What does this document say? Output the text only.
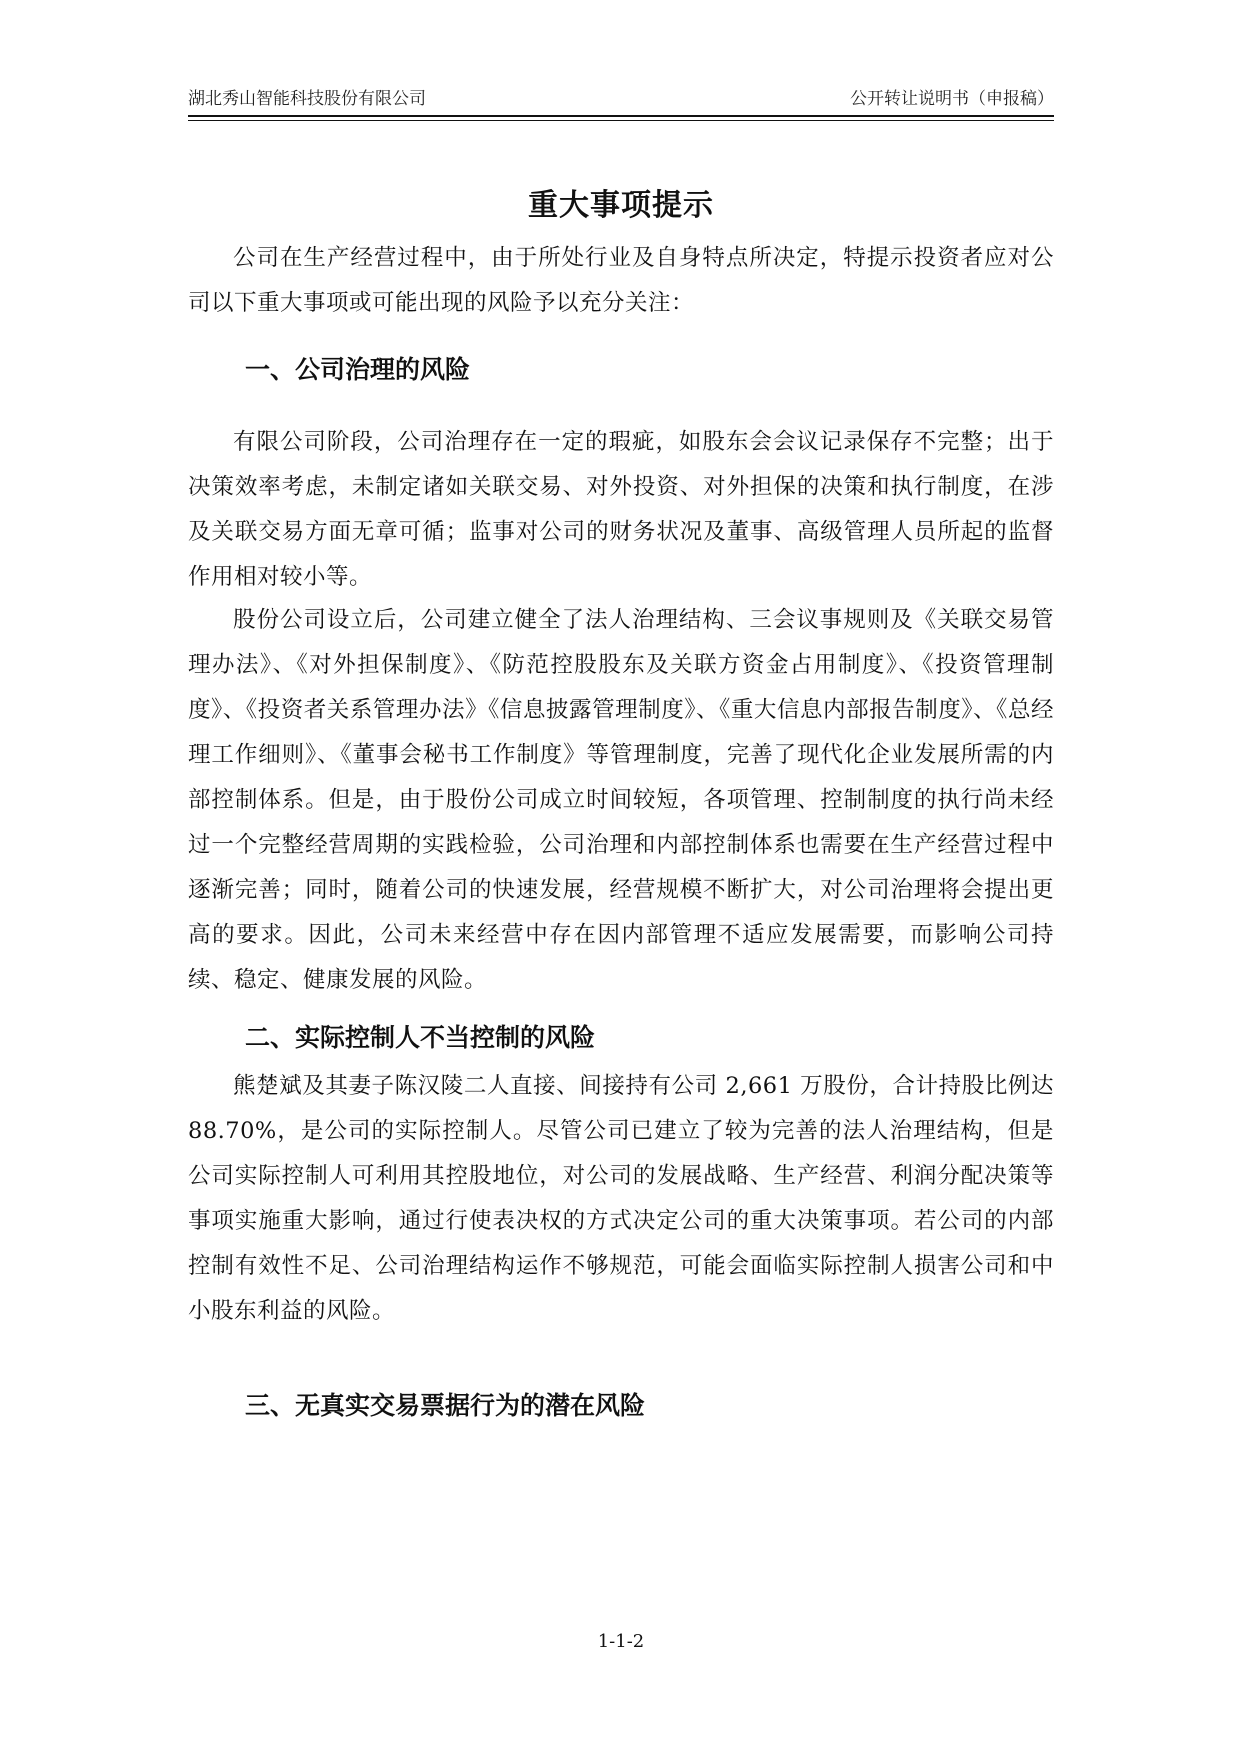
湖北秀山智能科技股份有限公司	公开转让说明书（申报稿）
重大事项提示

公司在生产经营过程中，由于所处行业及自身特点所决定，特提示投资者应对公司以下重大事项或可能出现的风险予以充分关注：

一、公司治理的风险

有限公司阶段，公司治理存在一定的瑕疵，如股东会会议记录保存不完整；出于决策效率考虑，未制定诸如关联交易、对外投资、对外担保的决策和执行制度，在涉及关联交易方面无章可循；监事对公司的财务状况及董事、高级管理人员所起的监督作用相对较小等。

股份公司设立后，公司建立健全了法人治理结构、三会议事规则及《关联交易管理办法》、《对外担保制度》、《防范控股股东及关联方资金占用制度》、《投资管理制度》、《投资者关系管理办法》《信息披露管理制度》、《重大信息内部报告制度》、《总经理工作细则》、《董事会秘书工作制度》等管理制度，完善了现代化企业发展所需的内部控制体系。但是，由于股份公司成立时间较短，各项管理、控制制度的执行尚未经过一个完整经营周期的实践检验，公司治理和内部控制体系也需要在生产经营过程中逐渐完善；同时，随着公司的快速发展，经营规模不断扩大，对公司治理将会提出更高的要求。因此，公司未来经营中存在因内部管理不适应发展需要，而影响公司持续、稳定、健康发展的风险。

二、实际控制人不当控制的风险

熊楚斌及其妻子陈汉陵二人直接、间接持有公司 2,661 万股份，合计持股比例达 88.70%，是公司的实际控制人。尽管公司已建立了较为完善的法人治理结构，但是公司实际控制人可利用其控股地位，对公司的发展战略、生产经营、利润分配决策等事项实施重大影响，通过行使表决权的方式决定公司的重大决策事项。若公司的内部控制有效性不足、公司治理结构运作不够规范，可能会面临实际控制人损害公司和中小股东利益的风险。

三、无真实交易票据行为的潜在风险
1-1-2
